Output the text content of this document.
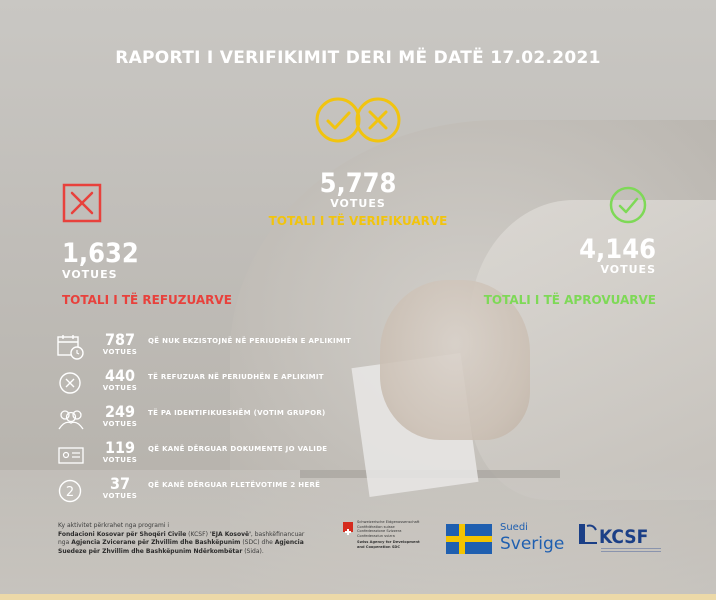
RAPORTI I VERIFIKIMIT DERI MË DATË 17.02.2021
5,778
VOTUES
TOTALI I TË VERIFIKUARVE
1,632
VOTUES
TOTALI I TË REFUZUARVE
4,146
VOTUES
TOTALI I TË APROVUARVE
787
VOTUES
QË NUK EKZISTOJNË NË PERIUDHËN E APLIKIMIT
440
VOTUES
TË REFUZUAR NË PERIUDHËN E APLIKIMIT
249
VOTUES
TË PA IDENTIFIKUESHËM (VOTIM GRUPOR)
119
VOTUES
QË KANË DËRGUAR DOKUMENTE JO VALIDE
2	37
VOTUES
QË KANË DËRGUAR FLETËVOTIME 2 HERË
Ky aktivitet përkrahet nga programi i
Fondacioni Kosovar për Shoqëri Civile (KCSF) 'EJA Kosovë', bashkëfinancuar
nga Agjencia Zvicerane për Zhvillim dhe Bashkëpunim (SDC) dhe Agjencia
Suedeze për Zhvillim dhe Bashkëpunim Ndërkombëtar (Sida).
Schweizerische Eidgenossenschaft
Confédération suisse
Confederazione Svizzera
Confederaziun svizra
Swiss Agency for Development
and Cooperation SDC
Suedi
Sverige KCSF
